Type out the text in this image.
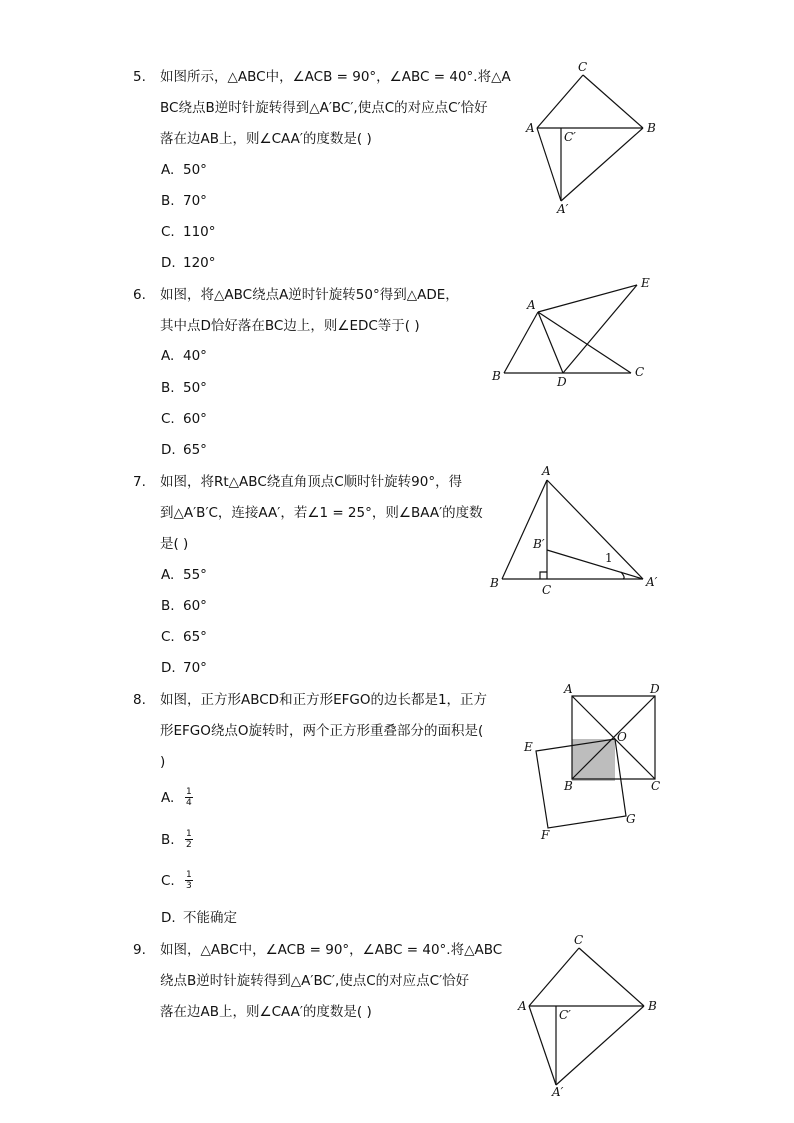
5. 如图所示，△ABC中，∠ACB = 90°，∠ABC = 40°.将△A
BC绕点B逆时针旋转得到△A′BC′,使点C的对应点C′恰好
落在边AB上，则∠CAA′的度数是( )
A. 50°
B. 70°
C. 110°
D. 120°
C
A	B
C′
A′
6. 如图，将△ABC绕点A逆时针旋转50°得到△ADE，
其中点D恰好落在BC边上，则∠EDC等于( )
A. 40°
B. 50°
C. 60°
D. 65°
A
E
B	D
C
7. 如图，将Rt△ABC绕直角顶点C顺时针旋转90°，得
到△A′B′C，连接AA′，若∠1 = 25°，则∠BAA′的度数
是( )
A. 55°
B. 60°
C. 65°
D. 70°
A
B′
1
B	C
A′
8. 如图，正方形ABCD和正方形EFGO的边长都是1，正方
形EFGO绕点O旋转时，两个正方形重叠部分的面积是(
)
A. $\frac{1}{4}$
B. $\frac{1}{2}$
C. $\frac{1}{3}$
D. 不能确定
A	D
O
E
B	C
G
F
9. 如图，△ABC中，∠ACB = 90°，∠ABC = 40°.将△ABC
绕点B逆时针旋转得到△A′BC′,使点C的对应点C′恰好
落在边AB上，则∠CAA′的度数是( )
C
A	B
C′
A′
